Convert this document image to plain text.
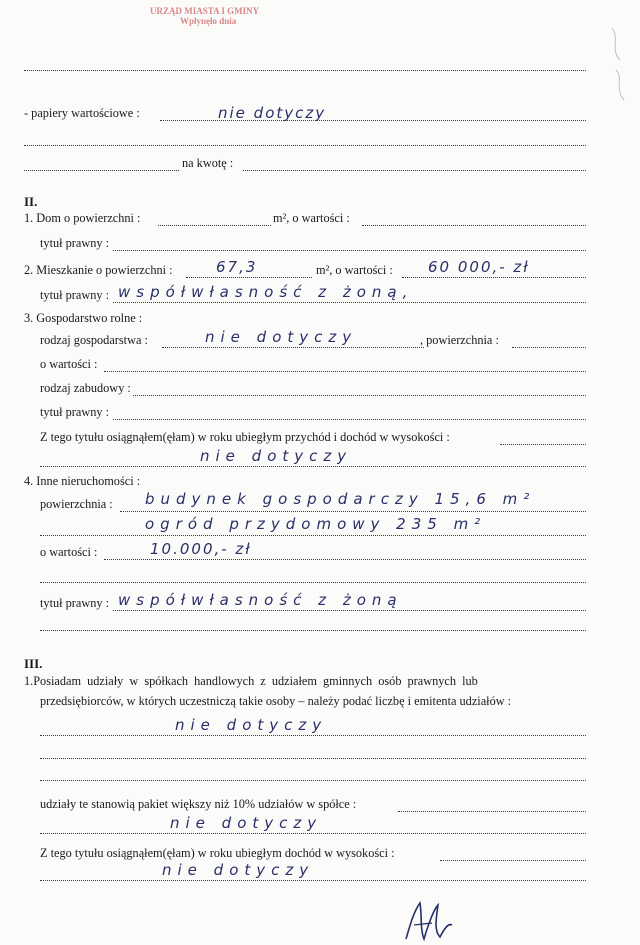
URZĄD MIASTA I GMINY
Wpłynęło dnia
- papiery wartościowe :	nie dotyczy
na kwotę :
II.
1. Dom o powierzchni :	m², o wartości :
tytuł prawny :
2. Mieszkanie o powierzchni :	67,3	m², o wartości : 60 000,- zł
tytuł prawny : współwłasność z żoną,
3. Gospodarstwo rolne :
rodzaj gospodarstwa :	nie dotyczy	, powierzchnia :
o wartości :
rodzaj zabudowy :
tytuł prawny :
Z tego tytułu osiągnąłem(ęłam) w roku ubiegłym przychód i dochód w wysokości :
nie dotyczy
4. Inne nieruchomości :
powierzchnia : budynek gospodarczy 15,6 m²
ogród przydomowy 235 m²
o wartości :	10.000,- zł
tytuł prawny : współwłasność z żoną
III.
1.Posiadam udziały w spółkach handlowych z udziałem gminnych osób prawnych lub
przedsiębiorców, w których uczestniczą takie osoby – należy podać liczbę i emitenta udziałów :
nie dotyczy
udziały te stanowią pakiet większy niż 10% udziałów w spółce :
nie dotyczy
Z tego tytułu osiągnąłem(ęłam) w roku ubiegłym dochód w wysokości :
nie dotyczy
